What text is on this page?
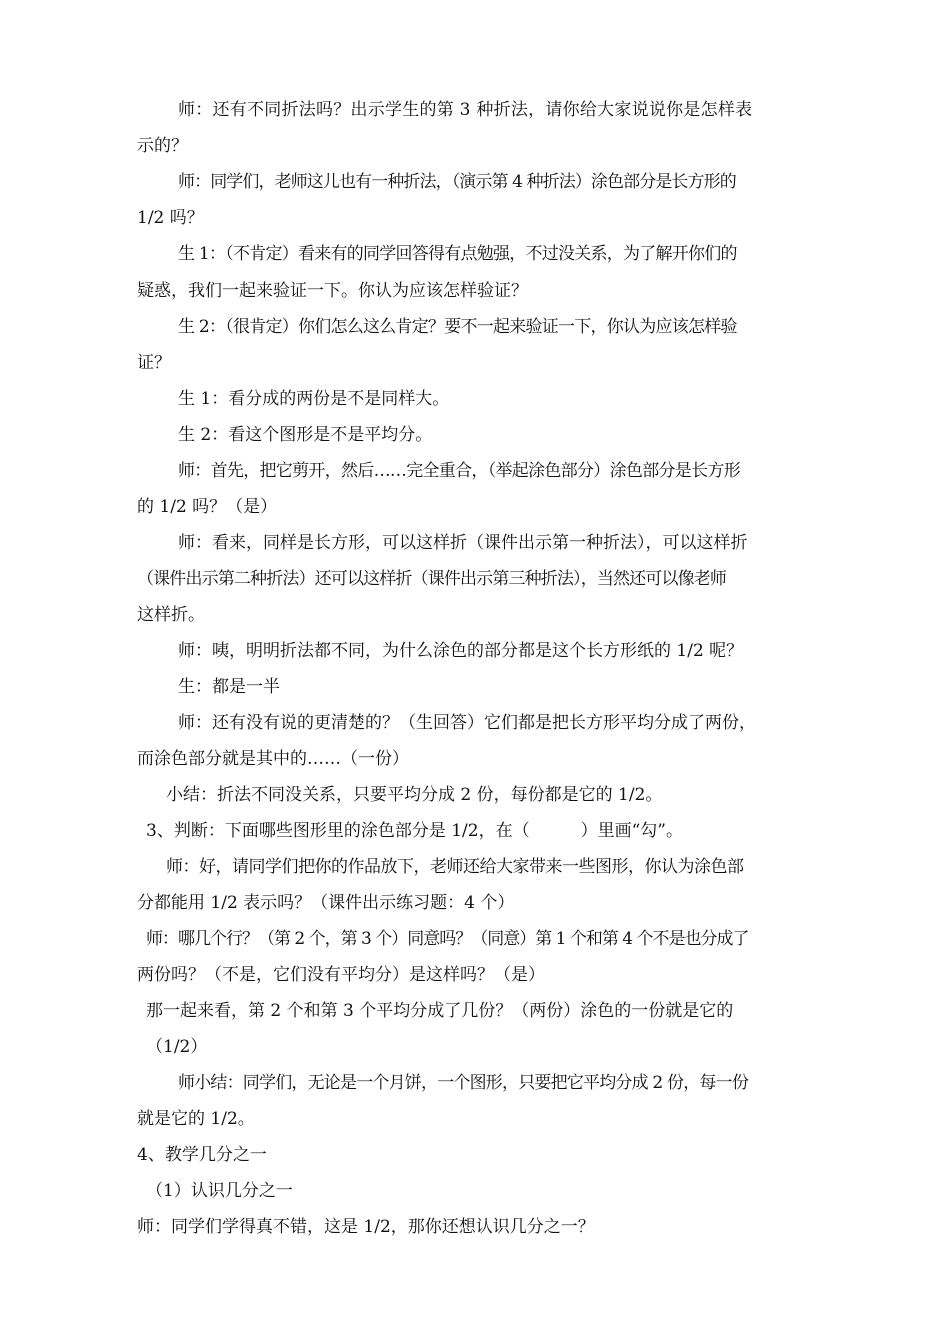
师：还有不同折法吗？出示学生的第 3 种折法，请你给大家说说你是怎样表

示的？

师：同学们，老师这儿也有一种折法，（演示第 4 种折法）涂色部分是长方形的

1/2 吗？

生 1：（不肯定）看来有的同学回答得有点勉强，不过没关系，为了解开你们的

疑惑，我们一起来验证一下。你认为应该怎样验证？

生 2：（很肯定）你们怎么这么肯定？要不一起来验证一下，你认为应该怎样验

证？

生 1：看分成的两份是不是同样大。

生 2：看这个图形是不是平均分。

师：首先，把它剪开，然后……完全重合，（举起涂色部分）涂色部分是长方形

的 1/2 吗？（是）

师：看来，同样是长方形，可以这样折（课件出示第一种折法），可以这样折

（课件出示第二种折法）还可以这样折（课件出示第三种折法），当然还可以像老师

这样折。

师：咦，明明折法都不同，为什么涂色的部分都是这个长方形纸的 1/2 呢？

生：都是一半

师：还有没有说的更清楚的？（生回答）它们都是把长方形平均分成了两份，

而涂色部分就是其中的……（一份）

小结：折法不同没关系，只要平均分成 2 份，每份都是它的 1/2。

3、判断：下面哪些图形里的涂色部分是 1/2，在（　　　）里画“勾”。

师：好，请同学们把你的作品放下，老师还给大家带来一些图形，你认为涂色部

分都能用 1/2 表示吗？（课件出示练习题：4 个）

师：哪几个行？（第 2 个，第 3 个）同意吗？（同意）第 1 个和第 4 个不是也分成了

两份吗？（不是，它们没有平均分）是这样吗？（是）

那一起来看，第 2 个和第 3 个平均分成了几份？（两份）涂色的一份就是它的

（1/2）

师小结：同学们，无论是一个月饼，一个图形，只要把它平均分成 2 份，每一份

就是它的 1/2。

4、教学几分之一

（1）认识几分之一

师：同学们学得真不错，这是 1/2，那你还想认识几分之一？
